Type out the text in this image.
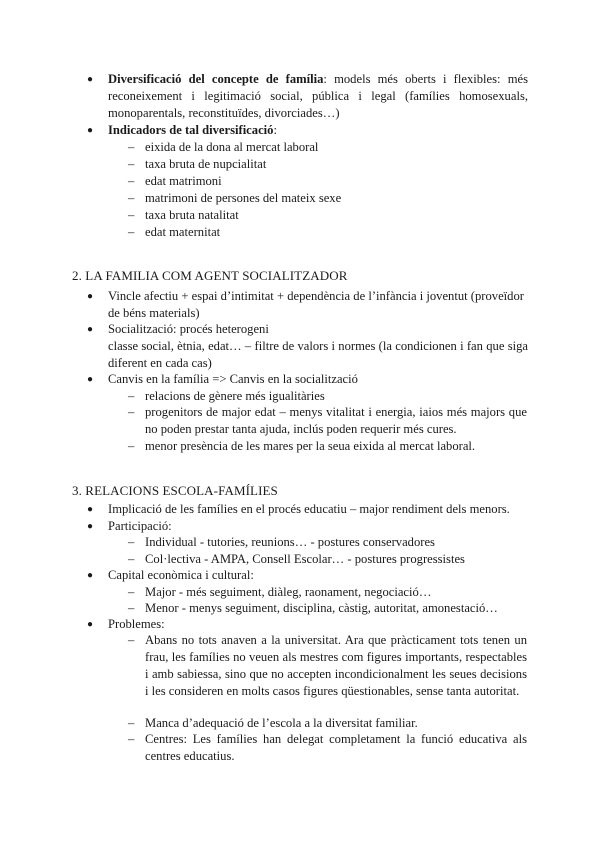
● Diversificació del concepte de família: models més oberts i flexibles: més reconeixement i legitimació social, pública i legal (famílies homosexuals, monoparentals, reconstituïdes, divorciades…)
● Indicadors de tal diversificació:
– eixida de la dona al mercat laboral
– taxa bruta de nupcialitat
– edat matrimoni
– matrimoni de persones del mateix sexe
– taxa bruta natalitat
– edat maternitat
2. LA FAMILIA COM AGENT SOCIALITZADOR
● Vincle afectiu + espai d’intimitat + dependència de l’infància i joventut (proveïdor de béns materials)
● Socialització: procés heterogeni
classe social, ètnia, edat… – filtre de valors i normes (la condicionen i fan que siga diferent en cada cas)
● Canvis en la família => Canvis en la socialització
– relacions de gènere més igualitàries
– progenitors de major edat – menys vitalitat i energia, iaios més majors que no poden prestar tanta ajuda, inclús poden requerir més cures.
– menor presència de les mares per la seua eixida al mercat laboral.
3. RELACIONS ESCOLA-FAMÍLIES
● Implicació de les famílies en el procés educatiu – major rendiment dels menors.
● Participació:
– Individual - tutories, reunions… - postures conservadores
– Col·lectiva - AMPA, Consell Escolar… - postures progressistes
● Capital econòmica i cultural:
– Major - més seguiment, diàleg, raonament, negociació…
– Menor - menys seguiment, disciplina, càstig, autoritat, amonestació…
● Problemes:
– Abans no tots anaven a la universitat. Ara que pràcticament tots tenen un frau, les famílies no veuen als mestres com figures importants, respectables i amb sabiessa, sino que no accepten incondicionalment les seues decisions i les consideren en molts casos figures qüestionables, sense tanta autoritat.
– Manca d’adequació de l’escola a la diversitat familiar.
– Centres: Les famílies han delegat completament la funció educativa als centres educatius.
